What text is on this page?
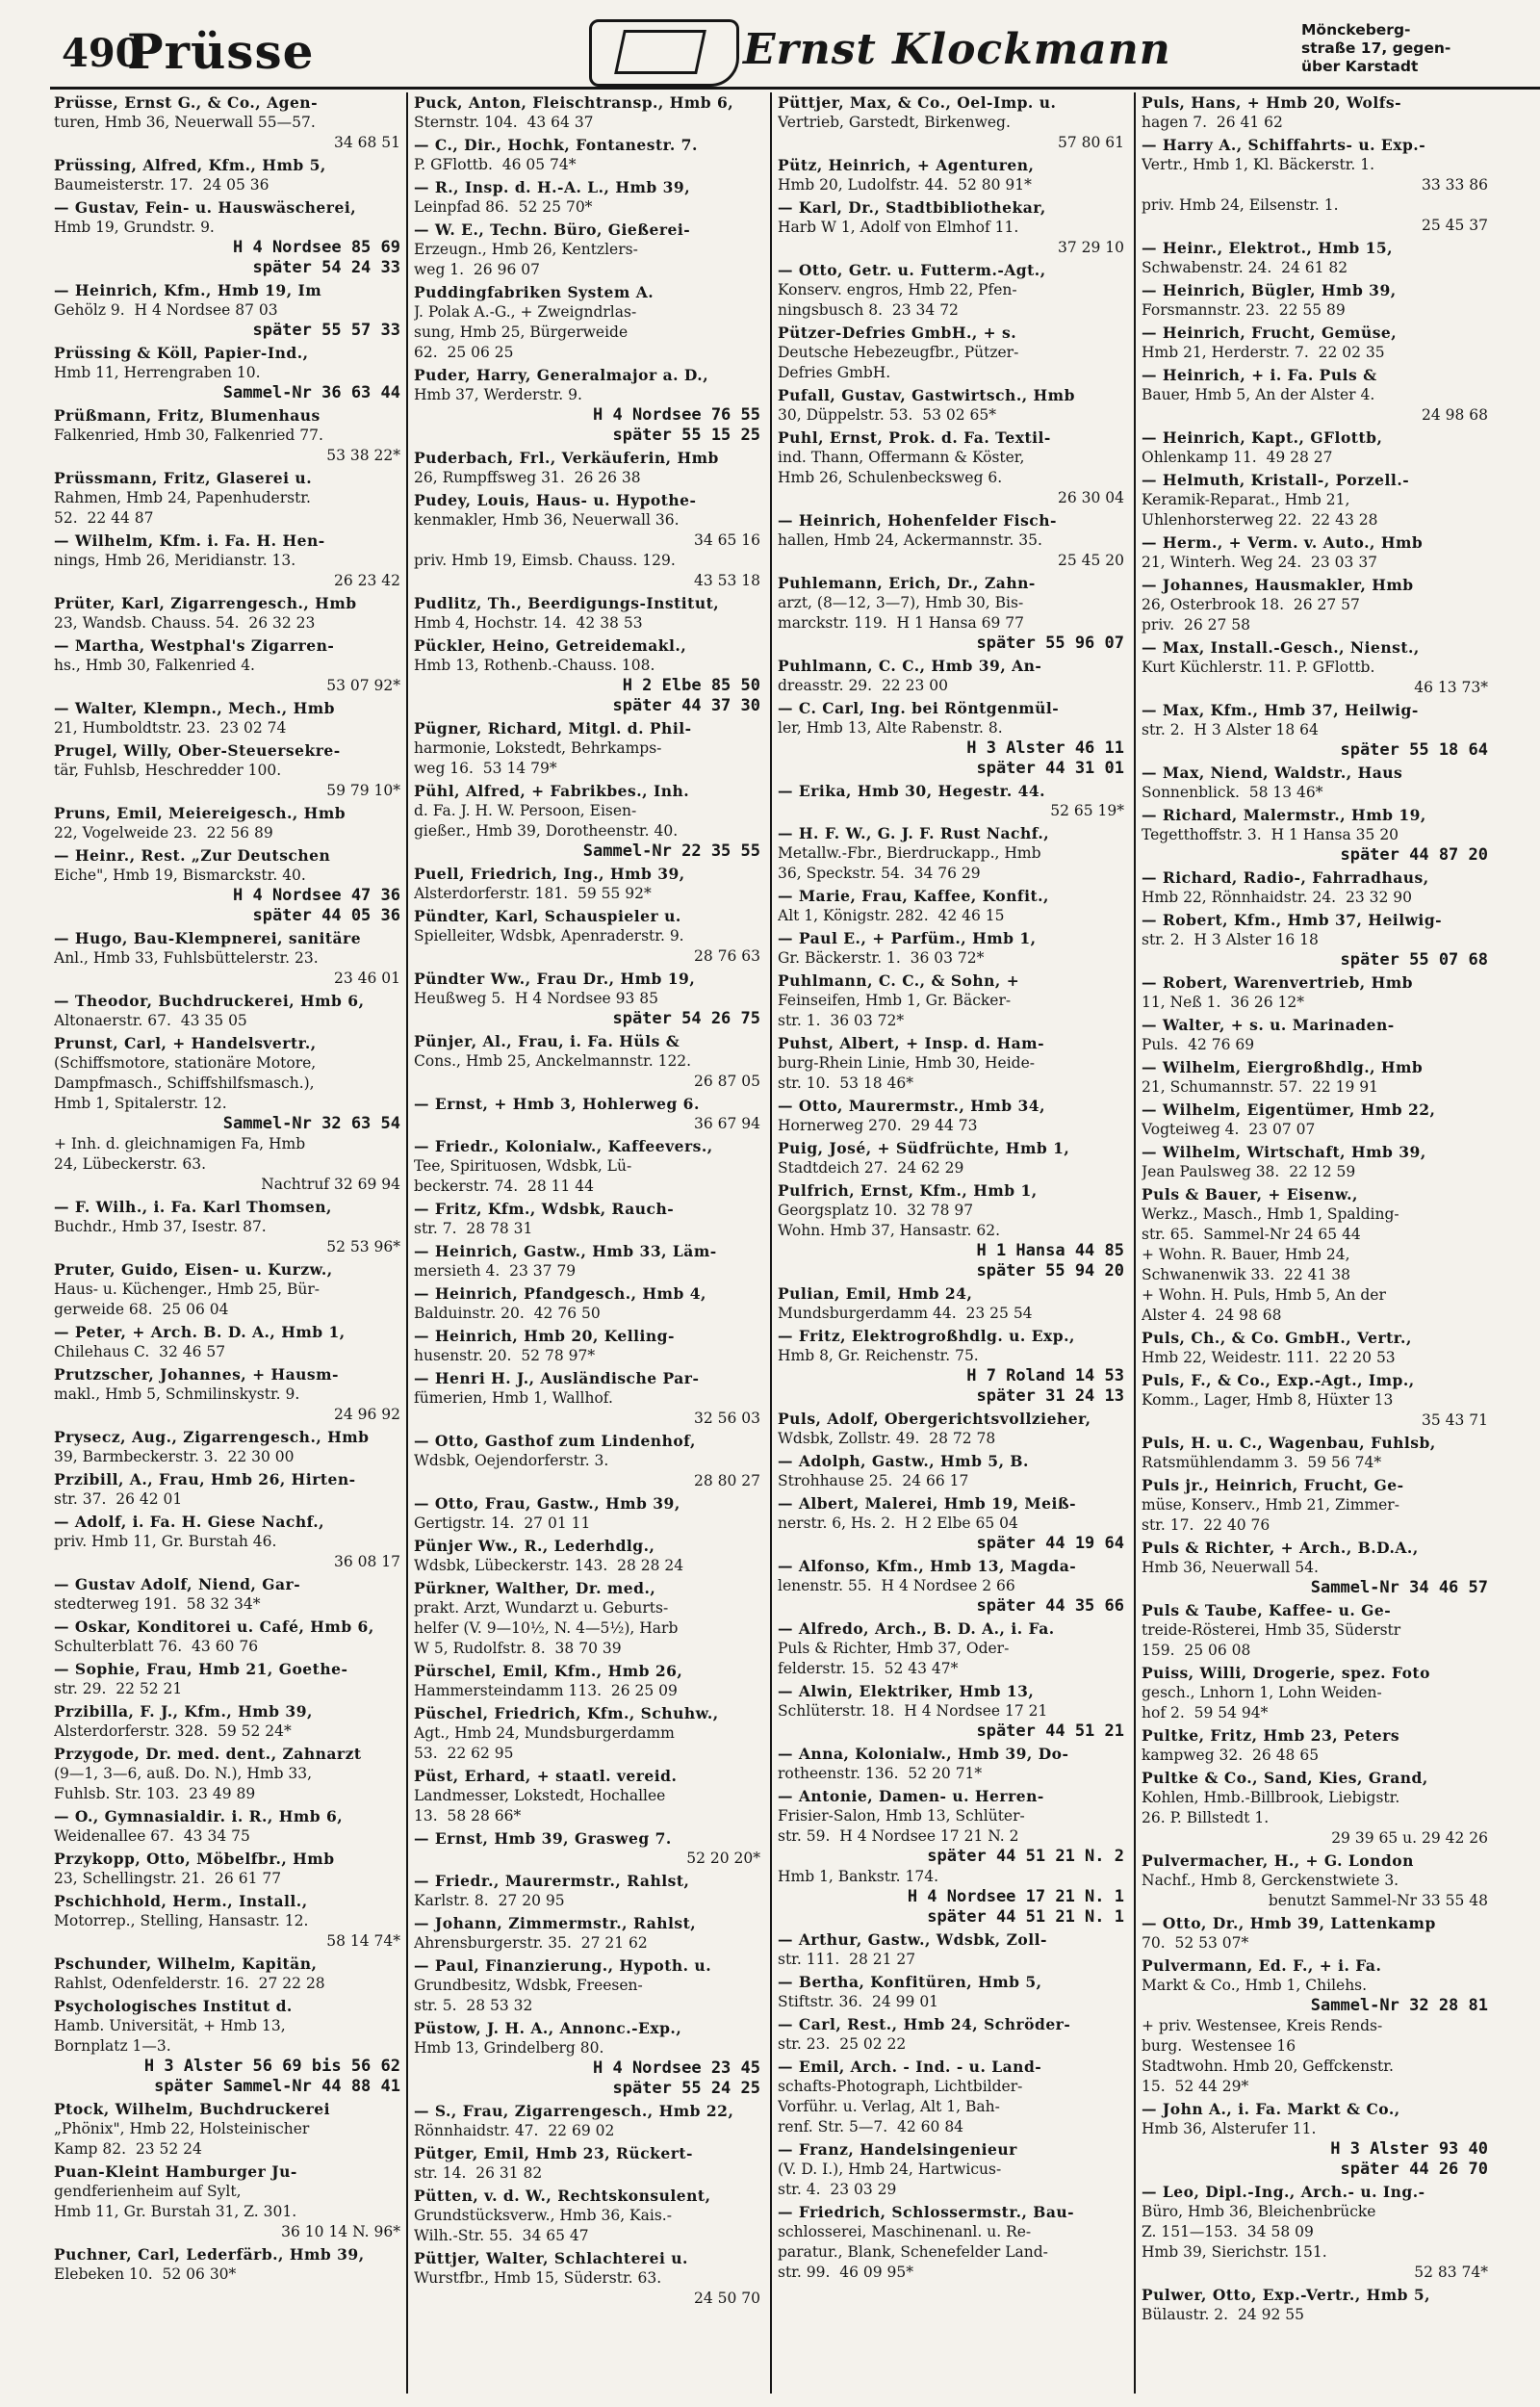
490
Prüsse	Ernst Klockmann	Mönckeberg-
straße 17, gegen-
über Karstadt
Prüsse, Ernst G., & Co., Agen-
turen, Hmb 36, Neuerwall 55—57.
34 68 51
Prüssing, Alfred, Kfm., Hmb 5,
Baumeisterstr. 17.  24 05 36
— Gustav, Fein- u. Hauswäscherei,
Hmb 19, Grundstr. 9.
H 4 Nordsee 85 69
später 54 24 33
— Heinrich, Kfm., Hmb 19, Im
Gehölz 9.  H 4 Nordsee 87 03
später 55 57 33
Prüssing & Köll, Papier-Ind.,
Hmb 11, Herrengraben 10.
Sammel-Nr 36 63 44
Prüßmann, Fritz, Blumenhaus
Falkenried, Hmb 30, Falkenried 77.
53 38 22*
Prüssmann, Fritz, Glaserei u.
Rahmen, Hmb 24, Papenhuderstr.
52.  22 44 87
— Wilhelm, Kfm. i. Fa. H. Hen-
nings, Hmb 26, Meridianstr. 13.
26 23 42
Prüter, Karl, Zigarrengesch., Hmb
23, Wandsb. Chauss. 54.  26 32 23
— Martha, Westphal's Zigarren-
hs., Hmb 30, Falkenried 4.
53 07 92*
— Walter, Klempn., Mech., Hmb
21, Humboldtstr. 23.  23 02 74
Prugel, Willy, Ober-Steuersekre-
tär, Fuhlsb, Heschredder 100.
59 79 10*
Pruns, Emil, Meiereigesch., Hmb
22, Vogelweide 23.  22 56 89
— Heinr., Rest. „Zur Deutschen
Eiche", Hmb 19, Bismarckstr. 40.
H 4 Nordsee 47 36
später 44 05 36
— Hugo, Bau-Klempnerei, sanitäre
Anl., Hmb 33, Fuhlsbüttelerstr. 23.
23 46 01
— Theodor, Buchdruckerei, Hmb 6,
Altonaerstr. 67.  43 35 05
Prunst, Carl, + Handelsvertr.,
(Schiffsmotore, stationäre Motore,
Dampfmasch., Schiffshilfsmasch.),
Hmb 1, Spitalerstr. 12.
Sammel-Nr 32 63 54
+ Inh. d. gleichnamigen Fa, Hmb
24, Lübeckerstr. 63.
Nachtruf 32 69 94
— F. Wilh., i. Fa. Karl Thomsen,
Buchdr., Hmb 37, Isestr. 87.
52 53 96*
Pruter, Guido, Eisen- u. Kurzw.,
Haus- u. Küchenger., Hmb 25, Bür-
gerweide 68.  25 06 04
— Peter, + Arch. B. D. A., Hmb 1,
Chilehaus C.  32 46 57
Prutzscher, Johannes, + Hausm-
makl., Hmb 5, Schmilinskystr. 9.
24 96 92
Prysecz, Aug., Zigarrengesch., Hmb
39, Barmbeckerstr. 3.  22 30 00
Przibill, A., Frau, Hmb 26, Hirten-
str. 37.  26 42 01
— Adolf, i. Fa. H. Giese Nachf.,
priv. Hmb 11, Gr. Burstah 46.
36 08 17
— Gustav Adolf, Niend, Gar-
stedterweg 191.  58 32 34*
— Oskar, Konditorei u. Café, Hmb 6,
Schulterblatt 76.  43 60 76
— Sophie, Frau, Hmb 21, Goethe-
str. 29.  22 52 21
Przibilla, F. J., Kfm., Hmb 39,
Alsterdorferstr. 328.  59 52 24*
Przygode, Dr. med. dent., Zahnarzt
(9—1, 3—6, auß. Do. N.), Hmb 33,
Fuhlsb. Str. 103.  23 49 89
— O., Gymnasialdir. i. R., Hmb 6,
Weidenallee 67.  43 34 75
Przykopp, Otto, Möbelfbr., Hmb
23, Schellingstr. 21.  26 61 77
Pschichhold, Herm., Install.,
Motorrep., Stelling, Hansastr. 12.
58 14 74*
Pschunder, Wilhelm, Kapitän,
Rahlst, Odenfelderstr. 16.  27 22 28
Psychologisches Institut d.
Hamb. Universität, + Hmb 13,
Bornplatz 1—3.
H 3 Alster 56 69 bis 56 62
später Sammel-Nr 44 88 41
Ptock, Wilhelm, Buchdruckerei
„Phönix", Hmb 22, Holsteinischer
Kamp 82.  23 52 24
Puan-Kleint Hamburger Ju-
gendferienheim auf Sylt,
Hmb 11, Gr. Burstah 31, Z. 301.
36 10 14 N. 96*
Puchner, Carl, Lederfärb., Hmb 39,
Elebeken 10.  52 06 30*
Puck, Anton, Fleischtransp., Hmb 6,
Sternstr. 104.  43 64 37
— C., Dir., Hochk, Fontanestr. 7.
P. GFlottb.  46 05 74*
— R., Insp. d. H.-A. L., Hmb 39,
Leinpfad 86.  52 25 70*
— W. E., Techn. Büro, Gießerei-
Erzeugn., Hmb 26, Kentzlers-
weg 1.  26 96 07
Puddingfabriken System A.
J. Polak A.-G., + Zweigndrlas-
sung, Hmb 25, Bürgerweide
62.  25 06 25
Puder, Harry, Generalmajor a. D.,
Hmb 37, Werderstr. 9.
H 4 Nordsee 76 55
später 55 15 25
Puderbach, Frl., Verkäuferin, Hmb
26, Rumpffsweg 31.  26 26 38
Pudey, Louis, Haus- u. Hypothe-
kenmakler, Hmb 36, Neuerwall 36.
34 65 16
priv. Hmb 19, Eimsb. Chauss. 129.
43 53 18
Pudlitz, Th., Beerdigungs-Institut,
Hmb 4, Hochstr. 14.  42 38 53
Pückler, Heino, Getreidemakl.,
Hmb 13, Rothenb.-Chauss. 108.
H 2 Elbe 85 50
später 44 37 30
Pügner, Richard, Mitgl. d. Phil-
harmonie, Lokstedt, Behrkamps-
weg 16.  53 14 79*
Pühl, Alfred, + Fabrikbes., Inh.
d. Fa. J. H. W. Persoon, Eisen-
gießer., Hmb 39, Dorotheenstr. 40.
Sammel-Nr 22 35 55
Puell, Friedrich, Ing., Hmb 39,
Alsterdorferstr. 181.  59 55 92*
Pündter, Karl, Schauspieler u.
Spielleiter, Wdsbk, Apenraderstr. 9.
28 76 63
Pündter Ww., Frau Dr., Hmb 19,
Heußweg 5.  H 4 Nordsee 93 85
später 54 26 75
Pünjer, Al., Frau, i. Fa. Hüls &
Cons., Hmb 25, Anckelmannstr. 122.
26 87 05
— Ernst, + Hmb 3, Hohlerweg 6.
36 67 94
— Friedr., Kolonialw., Kaffeevers.,
Tee, Spirituosen, Wdsbk, Lü-
beckerstr. 74.  28 11 44
— Fritz, Kfm., Wdsbk, Rauch-
str. 7.  28 78 31
— Heinrich, Gastw., Hmb 33, Läm-
mersieth 4.  23 37 79
— Heinrich, Pfandgesch., Hmb 4,
Balduinstr. 20.  42 76 50
— Heinrich, Hmb 20, Kelling-
husenstr. 20.  52 78 97*
— Henri H. J., Ausländische Par-
fümerien, Hmb 1, Wallhof.
32 56 03
— Otto, Gasthof zum Lindenhof,
Wdsbk, Oejendorferstr. 3.
28 80 27
— Otto, Frau, Gastw., Hmb 39,
Gertigstr. 14.  27 01 11
Pünjer Ww., R., Lederhdlg.,
Wdsbk, Lübeckerstr. 143.  28 28 24
Pürkner, Walther, Dr. med.,
prakt. Arzt, Wundarzt u. Geburts-
helfer (V. 9—10½, N. 4—5½), Harb
W 5, Rudolfstr. 8.  38 70 39
Pürschel, Emil, Kfm., Hmb 26,
Hammersteindamm 113.  26 25 09
Püschel, Friedrich, Kfm., Schuhw.,
Agt., Hmb 24, Mundsburgerdamm
53.  22 62 95
Püst, Erhard, + staatl. vereid.
Landmesser, Lokstedt, Hochallee
13.  58 28 66*
— Ernst, Hmb 39, Grasweg 7.
52 20 20*
— Friedr., Maurermstr., Rahlst,
Karlstr. 8.  27 20 95
— Johann, Zimmermstr., Rahlst,
Ahrensburgerstr. 35.  27 21 62
— Paul, Finanzierung., Hypoth. u.
Grundbesitz, Wdsbk, Freesen-
str. 5.  28 53 32
Püstow, J. H. A., Annonc.-Exp.,
Hmb 13, Grindelberg 80.
H 4 Nordsee 23 45
später 55 24 25
— S., Frau, Zigarrengesch., Hmb 22,
Rönnhaidstr. 47.  22 69 02
Pütger, Emil, Hmb 23, Rückert-
str. 14.  26 31 82
Pütten, v. d. W., Rechtskonsulent,
Grundstücksverw., Hmb 36, Kais.-
Wilh.-Str. 55.  34 65 47
Püttjer, Walter, Schlachterei u.
Wurstfbr., Hmb 15, Süderstr. 63.
24 50 70
Püttjer, Max, & Co., Oel-Imp. u.
Vertrieb, Garstedt, Birkenweg.
57 80 61
Pütz, Heinrich, + Agenturen,
Hmb 20, Ludolfstr. 44.  52 80 91*
— Karl, Dr., Stadtbibliothekar,
Harb W 1, Adolf von Elmhof 11.
37 29 10
— Otto, Getr. u. Futterm.-Agt.,
Konserv. engros, Hmb 22, Pfen-
ningsbusch 8.  23 34 72
Pützer-Defries GmbH., + s.
Deutsche Hebezeugfbr., Pützer-
Defries GmbH.
Pufall, Gustav, Gastwirtsch., Hmb
30, Düppelstr. 53.  53 02 65*
Puhl, Ernst, Prok. d. Fa. Textil-
ind. Thann, Offermann & Köster,
Hmb 26, Schulenbecksweg 6.
26 30 04
— Heinrich, Hohenfelder Fisch-
hallen, Hmb 24, Ackermannstr. 35.
25 45 20
Puhlemann, Erich, Dr., Zahn-
arzt, (8—12, 3—7), Hmb 30, Bis-
marckstr. 119.  H 1 Hansa 69 77
später 55 96 07
Puhlmann, C. C., Hmb 39, An-
dreasstr. 29.  22 23 00
— C. Carl, Ing. bei Röntgenmül-
ler, Hmb 13, Alte Rabenstr. 8.
H 3 Alster 46 11
später 44 31 01
— Erika, Hmb 30, Hegestr. 44.
52 65 19*
— H. F. W., G. J. F. Rust Nachf.,
Metallw.-Fbr., Bierdruckapp., Hmb
36, Speckstr. 54.  34 76 29
— Marie, Frau, Kaffee, Konfit.,
Alt 1, Königstr. 282.  42 46 15
— Paul E., + Parfüm., Hmb 1,
Gr. Bäckerstr. 1.  36 03 72*
Puhlmann, C. C., & Sohn, +
Feinseifen, Hmb 1, Gr. Bäcker-
str. 1.  36 03 72*
Puhst, Albert, + Insp. d. Ham-
burg-Rhein Linie, Hmb 30, Heide-
str. 10.  53 18 46*
— Otto, Maurermstr., Hmb 34,
Hornerweg 270.  29 44 73
Puig, José, + Südfrüchte, Hmb 1,
Stadtdeich 27.  24 62 29
Pulfrich, Ernst, Kfm., Hmb 1,
Georgsplatz 10.  32 78 97
Wohn. Hmb 37, Hansastr. 62.
H 1 Hansa 44 85
später 55 94 20
Pulian, Emil, Hmb 24,
Mundsburgerdamm 44.  23 25 54
— Fritz, Elektrogroßhdlg. u. Exp.,
Hmb 8, Gr. Reichenstr. 75.
H 7 Roland 14 53
später 31 24 13
Puls, Adolf, Obergerichtsvollzieher,
Wdsbk, Zollstr. 49.  28 72 78
— Adolph, Gastw., Hmb 5, B.
Strohhause 25.  24 66 17
— Albert, Malerei, Hmb 19, Meiß-
nerstr. 6, Hs. 2.  H 2 Elbe 65 04
später 44 19 64
— Alfonso, Kfm., Hmb 13, Magda-
lenenstr. 55.  H 4 Nordsee 2 66
später 44 35 66
— Alfredo, Arch., B. D. A., i. Fa.
Puls & Richter, Hmb 37, Oder-
felderstr. 15.  52 43 47*
— Alwin, Elektriker, Hmb 13,
Schlüterstr. 18.  H 4 Nordsee 17 21
später 44 51 21
— Anna, Kolonialw., Hmb 39, Do-
rotheenstr. 136.  52 20 71*
— Antonie, Damen- u. Herren-
Frisier-Salon, Hmb 13, Schlüter-
str. 59.  H 4 Nordsee 17 21 N. 2
später 44 51 21 N. 2
Hmb 1, Bankstr. 174.
H 4 Nordsee 17 21 N. 1
später 44 51 21 N. 1
— Arthur, Gastw., Wdsbk, Zoll-
str. 111.  28 21 27
— Bertha, Konfitüren, Hmb 5,
Stiftstr. 36.  24 99 01
— Carl, Rest., Hmb 24, Schröder-
str. 23.  25 02 22
— Emil, Arch. - Ind. - u. Land-
schafts-Photograph, Lichtbilder-
Vorführ. u. Verlag, Alt 1, Bah-
renf. Str. 5—7.  42 60 84
— Franz, Handelsingenieur
(V. D. I.), Hmb 24, Hartwicus-
str. 4.  23 03 29
— Friedrich, Schlossermstr., Bau-
schlosserei, Maschinenanl. u. Re-
paratur., Blank, Schenefelder Land-
str. 99.  46 09 95*
Puls, Hans, + Hmb 20, Wolfs-
hagen 7.  26 41 62
— Harry A., Schiffahrts- u. Exp.-
Vertr., Hmb 1, Kl. Bäckerstr. 1.
33 33 86
priv. Hmb 24, Eilsenstr. 1.
25 45 37
— Heinr., Elektrot., Hmb 15,
Schwabenstr. 24.  24 61 82
— Heinrich, Bügler, Hmb 39,
Forsmannstr. 23.  22 55 89
— Heinrich, Frucht, Gemüse,
Hmb 21, Herderstr. 7.  22 02 35
— Heinrich, + i. Fa. Puls &
Bauer, Hmb 5, An der Alster 4.
24 98 68
— Heinrich, Kapt., GFlottb,
Ohlenkamp 11.  49 28 27
— Helmuth, Kristall-, Porzell.-
Keramik-Reparat., Hmb 21,
Uhlenhorsterweg 22.  22 43 28
— Herm., + Verm. v. Auto., Hmb
21, Winterh. Weg 24.  23 03 37
— Johannes, Hausmakler, Hmb
26, Osterbrook 18.  26 27 57
priv.  26 27 58
— Max, Install.-Gesch., Nienst.,
Kurt Küchlerstr. 11. P. GFlottb.
46 13 73*
— Max, Kfm., Hmb 37, Heilwig-
str. 2.  H 3 Alster 18 64
später 55 18 64
— Max, Niend, Waldstr., Haus
Sonnenblick.  58 13 46*
— Richard, Malermstr., Hmb 19,
Tegetthoffstr. 3.  H 1 Hansa 35 20
später 44 87 20
— Richard, Radio-, Fahrradhaus,
Hmb 22, Rönnhaidstr. 24.  23 32 90
— Robert, Kfm., Hmb 37, Heilwig-
str. 2.  H 3 Alster 16 18
später 55 07 68
— Robert, Warenvertrieb, Hmb
11, Neß 1.  36 26 12*
— Walter, + s. u. Marinaden-
Puls.  42 76 69
— Wilhelm, Eiergroßhdlg., Hmb
21, Schumannstr. 57.  22 19 91
— Wilhelm, Eigentümer, Hmb 22,
Vogteiweg 4.  23 07 07
— Wilhelm, Wirtschaft, Hmb 39,
Jean Paulsweg 38.  22 12 59
Puls & Bauer, + Eisenw.,
Werkz., Masch., Hmb 1, Spalding-
str. 65.  Sammel-Nr 24 65 44
+ Wohn. R. Bauer, Hmb 24,
Schwanenwik 33.  22 41 38
+ Wohn. H. Puls, Hmb 5, An der
Alster 4.  24 98 68
Puls, Ch., & Co. GmbH., Vertr.,
Hmb 22, Weidestr. 111.  22 20 53
Puls, F., & Co., Exp.-Agt., Imp.,
Komm., Lager, Hmb 8, Hüxter 13
35 43 71
Puls, H. u. C., Wagenbau, Fuhlsb,
Ratsmühlendamm 3.  59 56 74*
Puls jr., Heinrich, Frucht, Ge-
müse, Konserv., Hmb 21, Zimmer-
str. 17.  22 40 76
Puls & Richter, + Arch., B.D.A.,
Hmb 36, Neuerwall 54.
Sammel-Nr 34 46 57
Puls & Taube, Kaffee- u. Ge-
treide-Rösterei, Hmb 35, Süderstr
159.  25 06 08
Puiss, Willi, Drogerie, spez. Foto
gesch., Lnhorn 1, Lohn Weiden-
hof 2.  59 54 94*
Pultke, Fritz, Hmb 23, Peters
kampweg 32.  26 48 65
Pultke & Co., Sand, Kies, Grand,
Kohlen, Hmb.-Billbrook, Liebigstr.
26. P. Billstedt 1.
29 39 65 u. 29 42 26
Pulvermacher, H., + G. London
Nachf., Hmb 8, Gerckenstwiete 3.
benutzt Sammel-Nr 33 55 48
— Otto, Dr., Hmb 39, Lattenkamp
70.  52 53 07*
Pulvermann, Ed. F., + i. Fa.
Markt & Co., Hmb 1, Chilehs.
Sammel-Nr 32 28 81
+ priv. Westensee, Kreis Rends-
burg.  Westensee 16
Stadtwohn. Hmb 20, Geffckenstr.
15.  52 44 29*
— John A., i. Fa. Markt & Co.,
Hmb 36, Alsterufer 11.
H 3 Alster 93 40
später 44 26 70
— Leo, Dipl.-Ing., Arch.- u. Ing.-
Büro, Hmb 36, Bleichenbrücke
Z. 151—153.  34 58 09
Hmb 39, Sierichstr. 151.
52 83 74*
Pulwer, Otto, Exp.-Vertr., Hmb 5,
Bülaustr. 2.  24 92 55
